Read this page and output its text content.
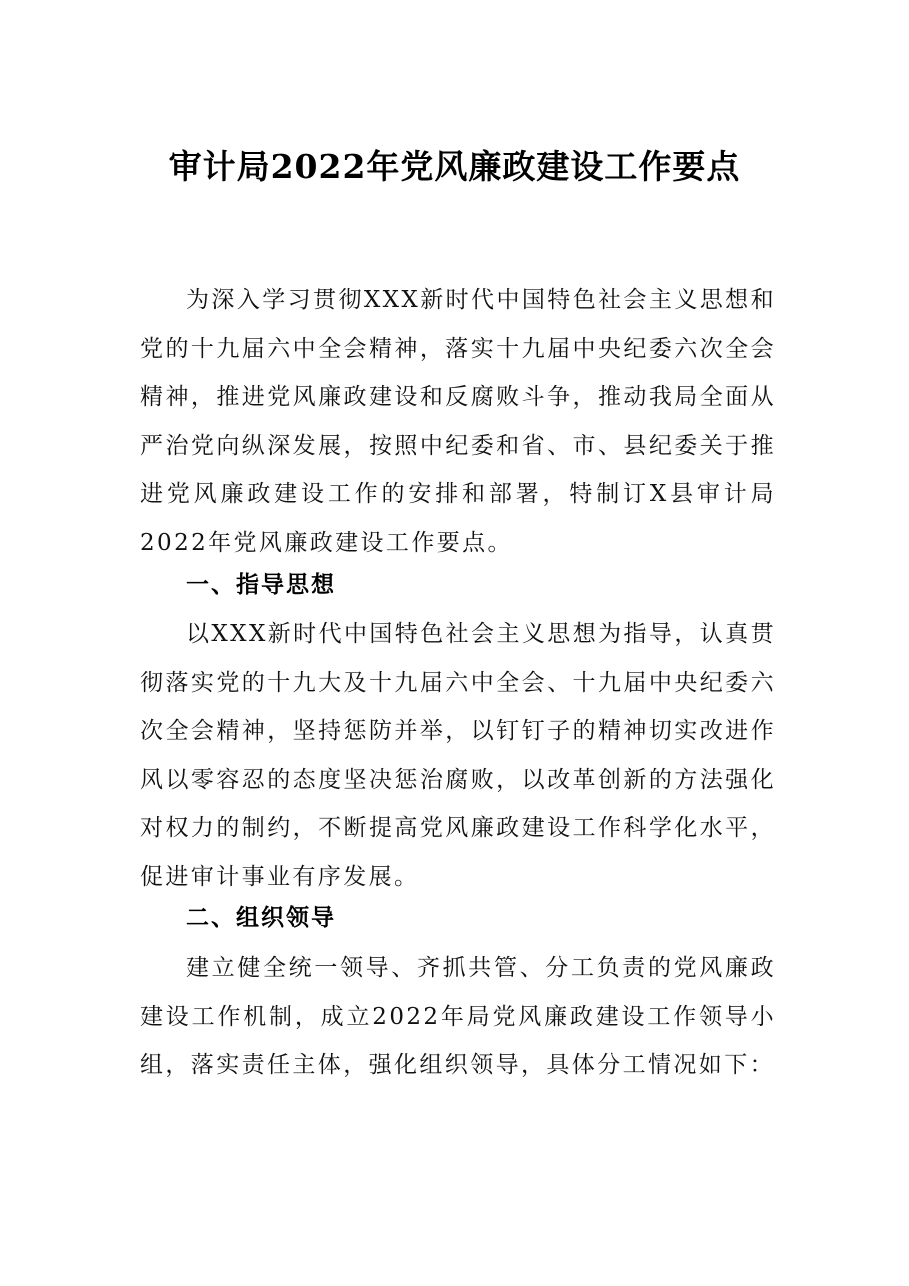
审计局2022年党风廉政建设工作要点

为深入学习贯彻XXX新时代中国特色社会主义思想和党的十九届六中全会精神，落实十九届中央纪委六次全会精神，推进党风廉政建设和反腐败斗争，推动我局全面从严治党向纵深发展，按照中纪委和省、市、县纪委关于推进党风廉政建设工作的安排和部署，特制订X县审计局2022年党风廉政建设工作要点。

一、指导思想

以XXX新时代中国特色社会主义思想为指导，认真贯彻落实党的十九大及十九届六中全会、十九届中央纪委六次全会精神，坚持惩防并举，以钉钉子的精神切实改进作风以零容忍的态度坚决惩治腐败，以改革创新的方法强化对权力的制约，不断提高党风廉政建设工作科学化水平，促进审计事业有序发展。

二、组织领导

建立健全统一领导、齐抓共管、分工负责的党风廉政建设工作机制，成立2022年局党风廉政建设工作领导小组，落实责任主体，强化组织领导，具体分工情况如下：
